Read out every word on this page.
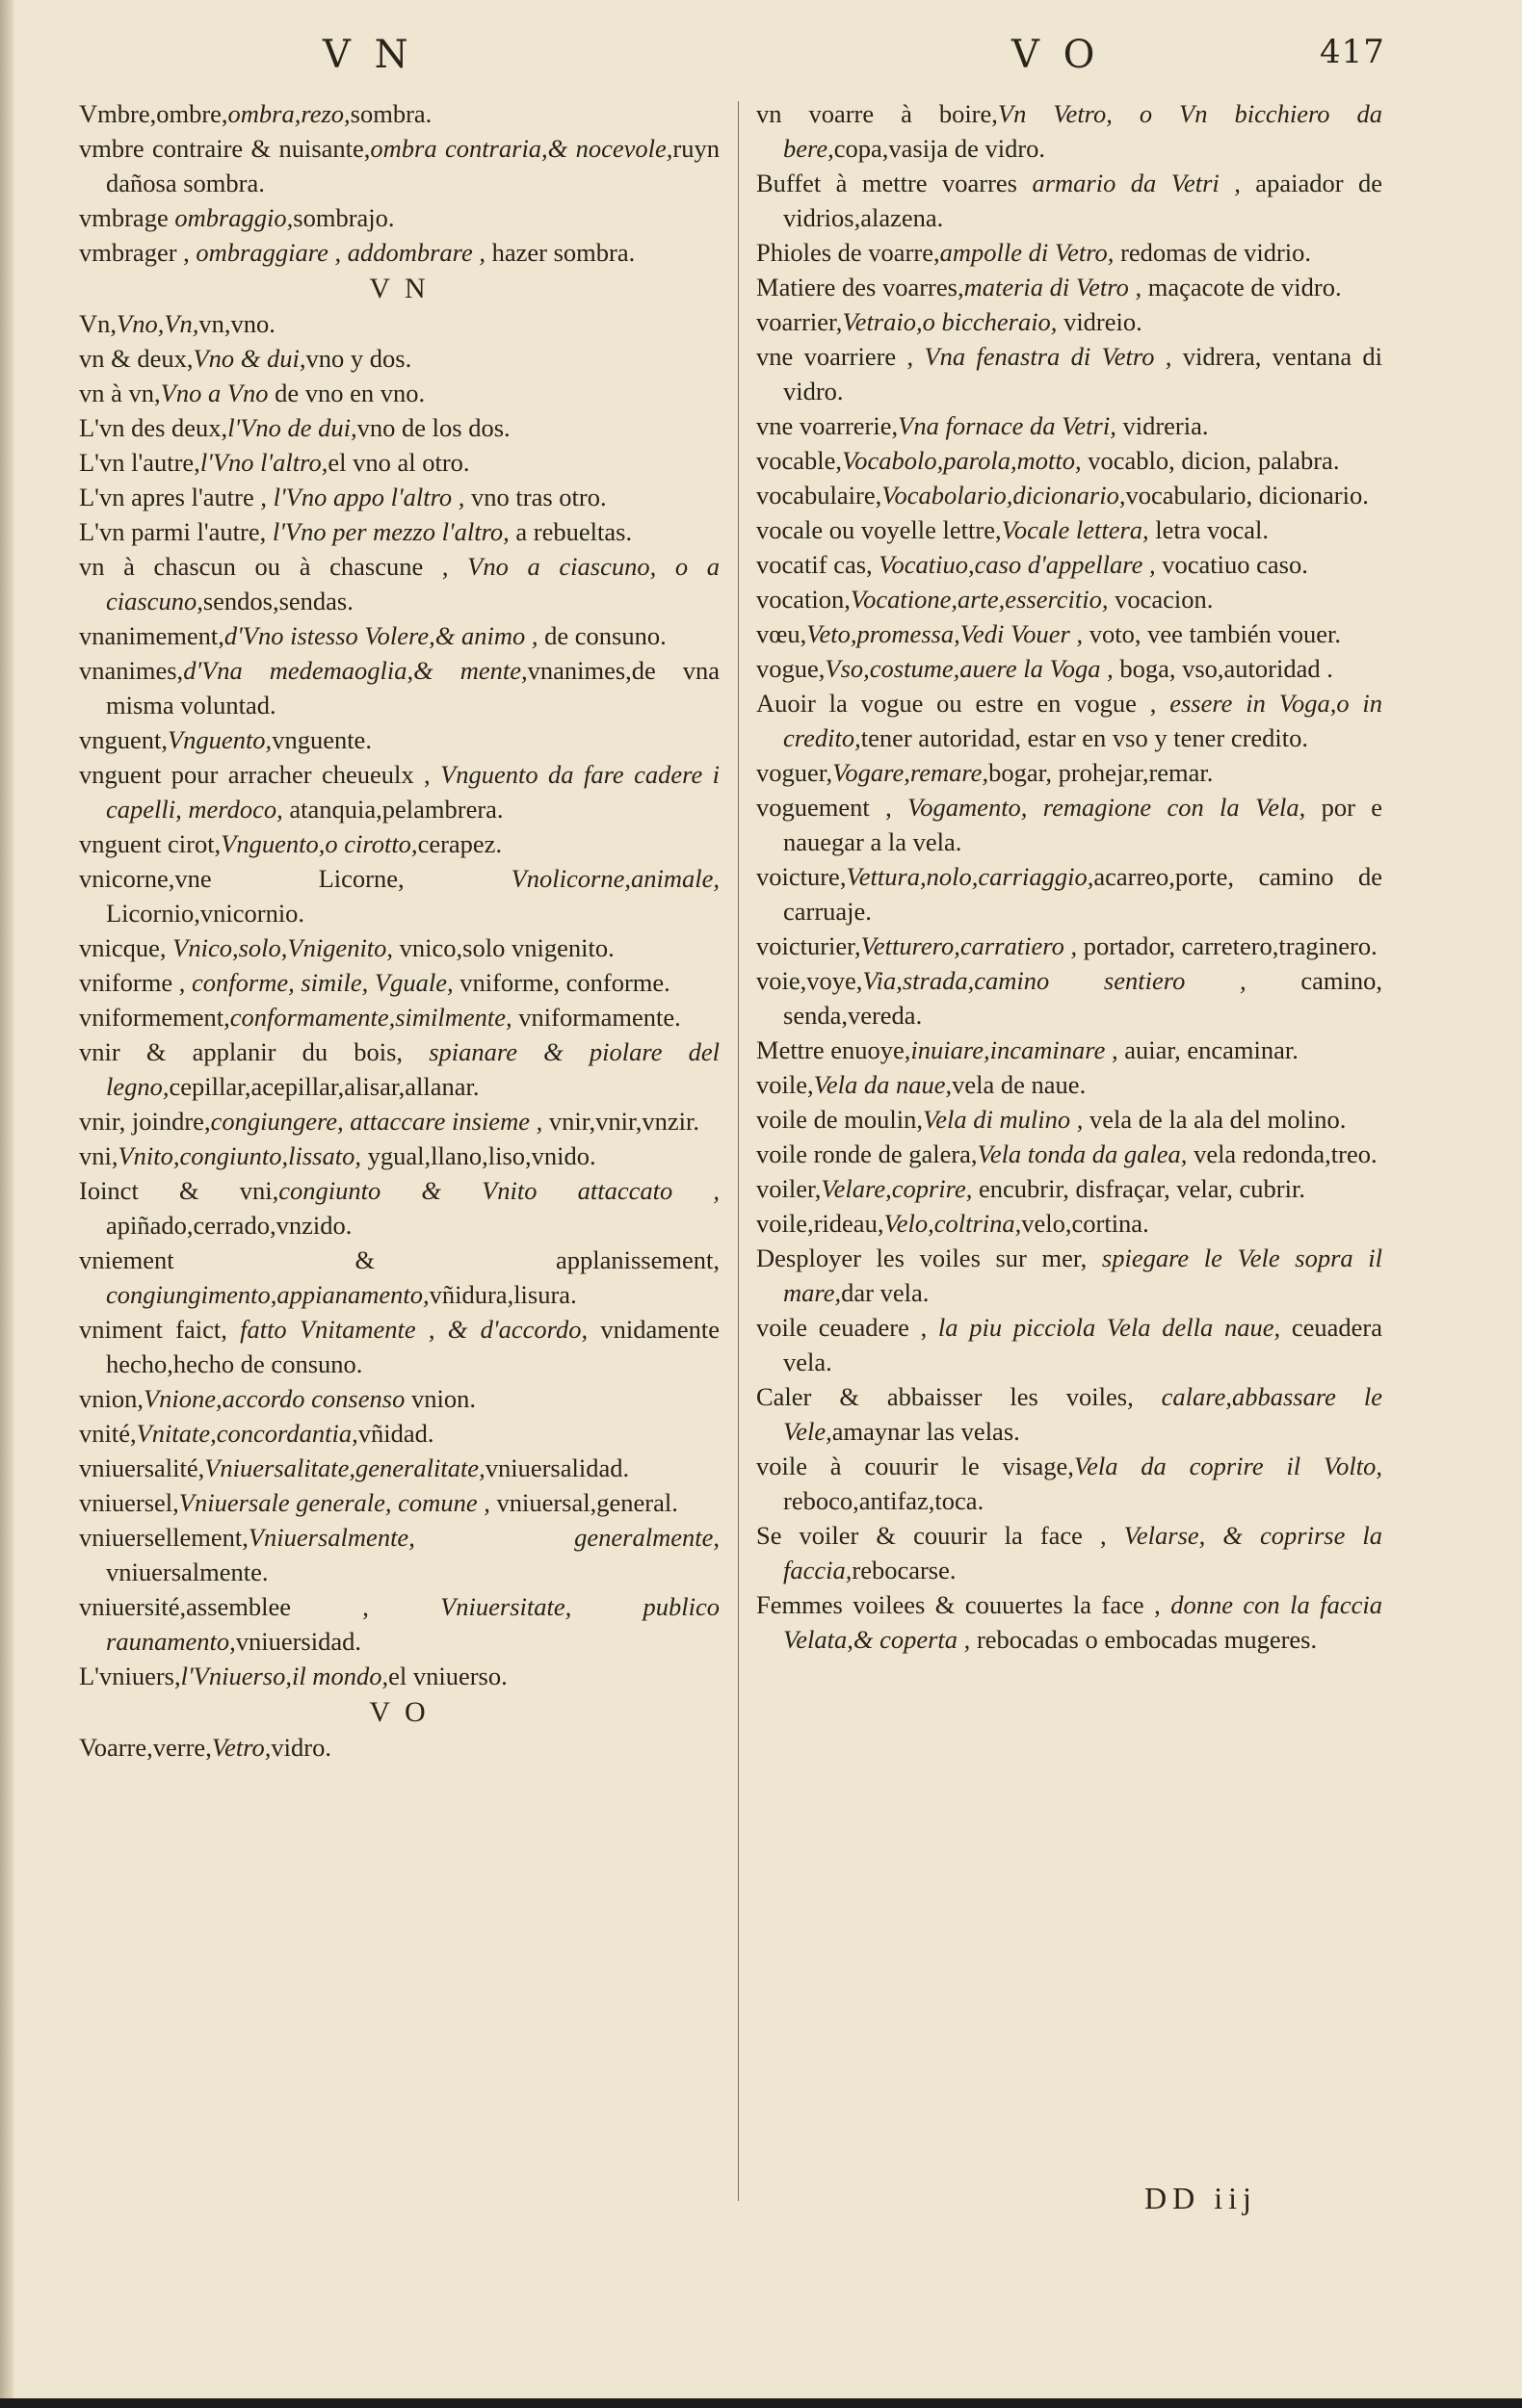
V N	V O	417

Vmbre,ombre,ombra,rezo,sombra.

vmbre contraire & nuisante,ombra contraria,& nocevole,ruyn dañosa sombra.

vmbrage ombraggio,sombrajo.

vmbrager , ombraggiare , addombrare , hazer sombra.

V N

Vn,Vno,Vn,vn,vno.

vn & deux,Vno & dui,vno y dos.

vn à vn,Vno a Vno de vno en vno.

L'vn des deux,l'Vno de dui,vno de los dos.

L'vn l'autre,l'Vno l'altro,el vno al otro.

L'vn apres l'autre , l'Vno appo l'altro , vno tras otro.

L'vn parmi l'autre, l'Vno per mezzo l'altro, a rebueltas.

vn à chascun ou à chascune , Vno a ciascuno, o a ciascuno,sendos,sendas.

vnanimement,d'Vno istesso Volere,& animo , de consuno.

vnanimes,d'Vna medemaoglia,& mente,vnanimes,de vna misma voluntad.

vnguent,Vnguento,vnguente.

vnguent pour arracher cheueulx , Vnguento da fare cadere i capelli, merdoco, atanquia,pelambrera.

vnguent cirot,Vnguento,o cirotto,cerapez.

vnicorne,vne Licorne, Vnolicorne,animale, Licornio,vnicornio.

vnicque, Vnico,solo,Vnigenito, vnico,solo vnigenito.

vniforme , conforme, simile, Vguale, vniforme, conforme.

vniformement,conformamente,similmente, vniformamente.

vnir & applanir du bois, spianare & piolare del legno,cepillar,acepillar,alisar,allanar.

vnir, joindre,congiungere, attaccare insieme , vnir,vnir,vnzir.

vni,Vnito,congiunto,lissato, ygual,llano,liso,vnido.

Ioinct & vni,congiunto & Vnito attaccato , apiñado,cerrado,vnzido.

vniement & applanissement, congiungimento,appianamento,vñidura,lisura.

vniment faict, fatto Vnitamente , & d'accordo, vnidamente hecho,hecho de consuno.

vnion,Vnione,accordo consenso vnion.

vnité,Vnitate,concordantia,vñidad.

vniuersalité,Vniuersalitate,generalitate,vniuersalidad.

vniuersel,Vniuersale generale, comune , vniuersal,general.

vniuersellement,Vniuersalmente, generalmente, vniuersalmente.

vniuersité,assemblee , Vniuersitate, publico raunamento,vniuersidad.

L'vniuers,l'Vniuerso,il mondo,el vniuerso.

V O

Voarre,verre,Vetro,vidro.

vn voarre à boire,Vn Vetro, o Vn bicchiero da bere,copa,vasija de vidro.

Buffet à mettre voarres armario da Vetri , apaiador de vidrios,alazena.

Phioles de voarre,ampolle di Vetro, redomas de vidrio.

Matiere des voarres,materia di Vetro , maçacote de vidro.

voarrier,Vetraio,o biccheraio, vidreio.

vne voarriere , Vna fenastra di Vetro , vidrera, ventana di vidro.

vne voarrerie,Vna fornace da Vetri, vidreria.

vocable,Vocabolo,parola,motto, vocablo, dicion, palabra.

vocabulaire,Vocabolario,dicionario,vocabulario, dicionario.

vocale ou voyelle lettre,Vocale lettera, letra vocal.

vocatif cas, Vocatiuo,caso d'appellare , vocatiuo caso.

vocation,Vocatione,arte,essercitio, vocacion.

vœu,Veto,promessa,Vedi Vouer , voto, vee también vouer.

vogue,Vso,costume,auere la Voga , boga, vso,autoridad .

Auoir la vogue ou estre en vogue , essere in Voga,o in credito,tener autoridad, estar en vso y tener credito.

voguer,Vogare,remare,bogar, prohejar,remar.

voguement , Vogamento, remagione con la Vela, por e nauegar a la vela.

voicture,Vettura,nolo,carriaggio,acarreo,porte, camino de carruaje.

voicturier,Vetturero,carratiero , portador, carretero,traginero.

voie,voye,Via,strada,camino sentiero , camino, senda,vereda.

Mettre enuoye,inuiare,incaminare , auiar, encaminar.

voile,Vela da naue,vela de naue.

voile de moulin,Vela di mulino , vela de la ala del molino.

voile ronde de galera,Vela tonda da galea, vela redonda,treo.

voiler,Velare,coprire, encubrir, disfraçar, velar, cubrir.

voile,rideau,Velo,coltrina,velo,cortina.

Desployer les voiles sur mer, spiegare le Vele sopra il mare,dar vela.

voile ceuadere , la piu picciola Vela della naue, ceuadera vela.

Caler & abbaisser les voiles, calare,abbassare le Vele,amaynar las velas.

voile à couurir le visage,Vela da coprire il Volto, reboco,antifaz,toca.

Se voiler & couurir la face , Velarse, & coprirse la faccia,rebocarse.

Femmes voilees & couuertes la face , donne con la faccia Velata,& coperta , rebocadas o embocadas mugeres.

DD iij
